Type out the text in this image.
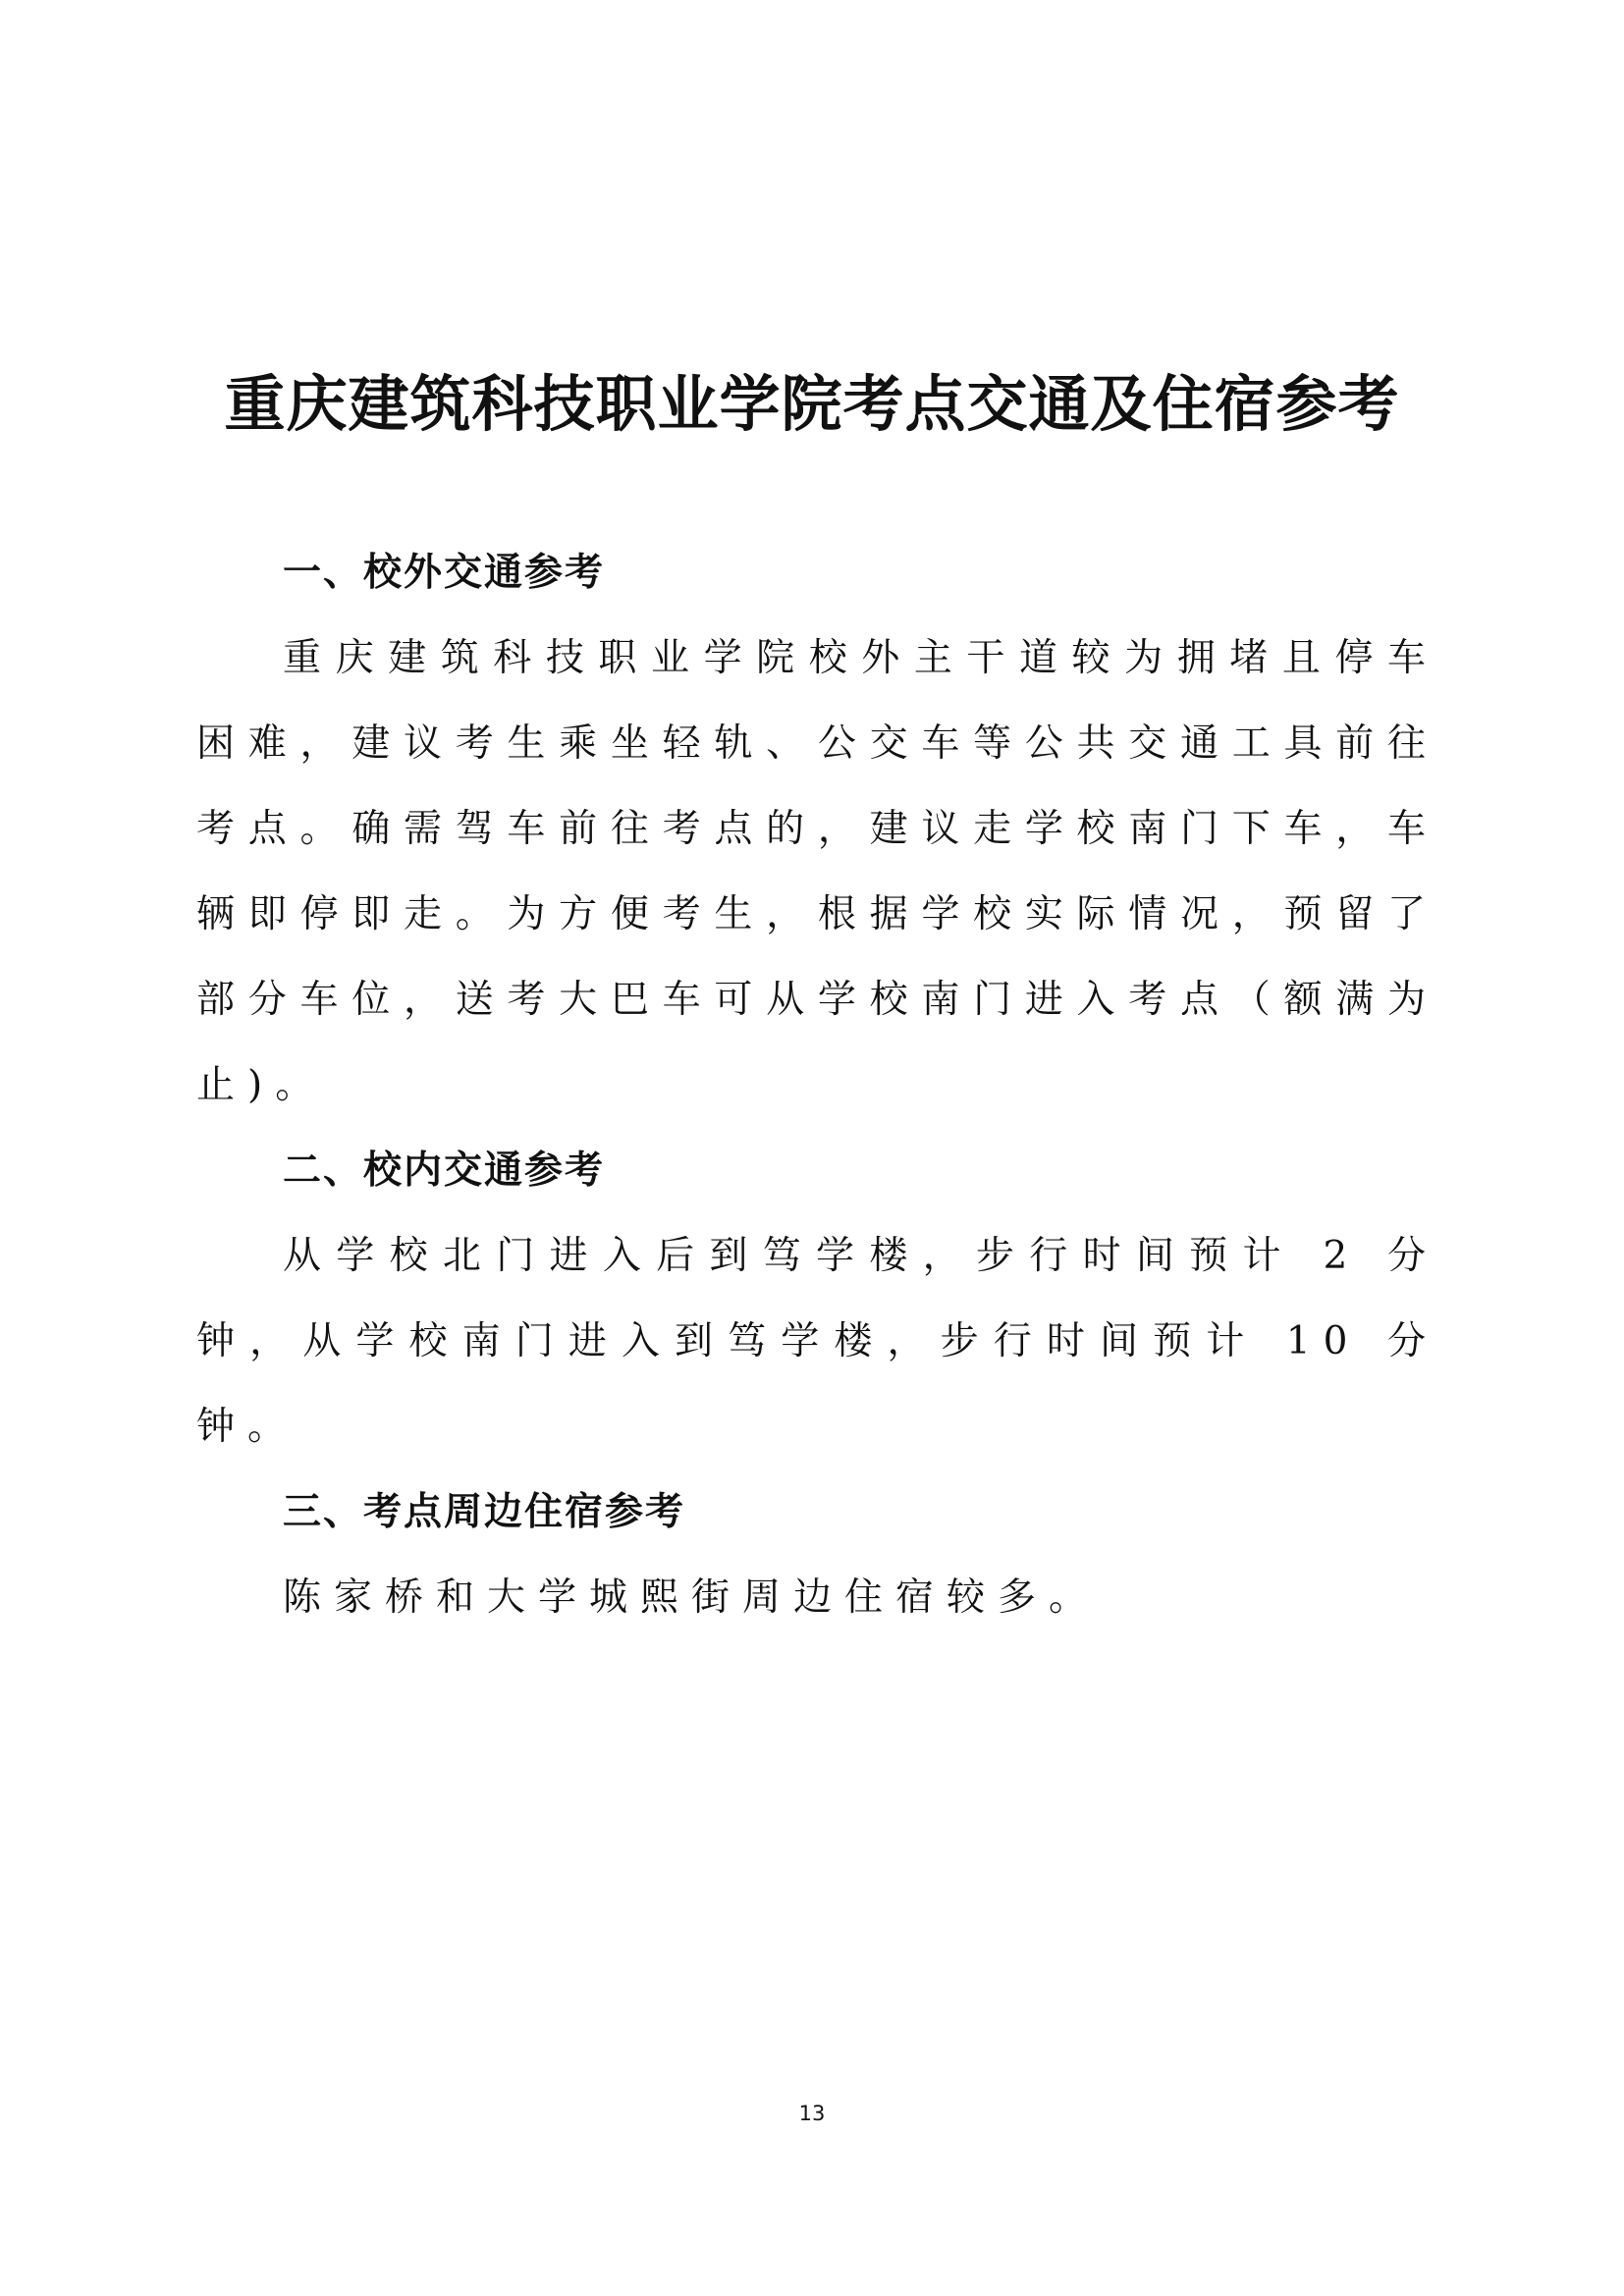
重庆建筑科技职业学院考点交通及住宿参考

一、校外交通参考

重庆建筑科技职业学院校外主干道较为拥堵且停车困难，建议考生乘坐轻轨、公交车等公共交通工具前往考点。确需驾车前往考点的，建议走学校南门下车，车辆即停即走。为方便考生，根据学校实际情况，预留了部分车位，送考大巴车可从学校南门进入考点（额满为止)。

二、校内交通参考

从学校北门进入后到笃学楼，步行时间预计 2 分钟，从学校南门进入到笃学楼，步行时间预计 10 分钟。

三、考点周边住宿参考

陈家桥和大学城熙街周边住宿较多。

13
